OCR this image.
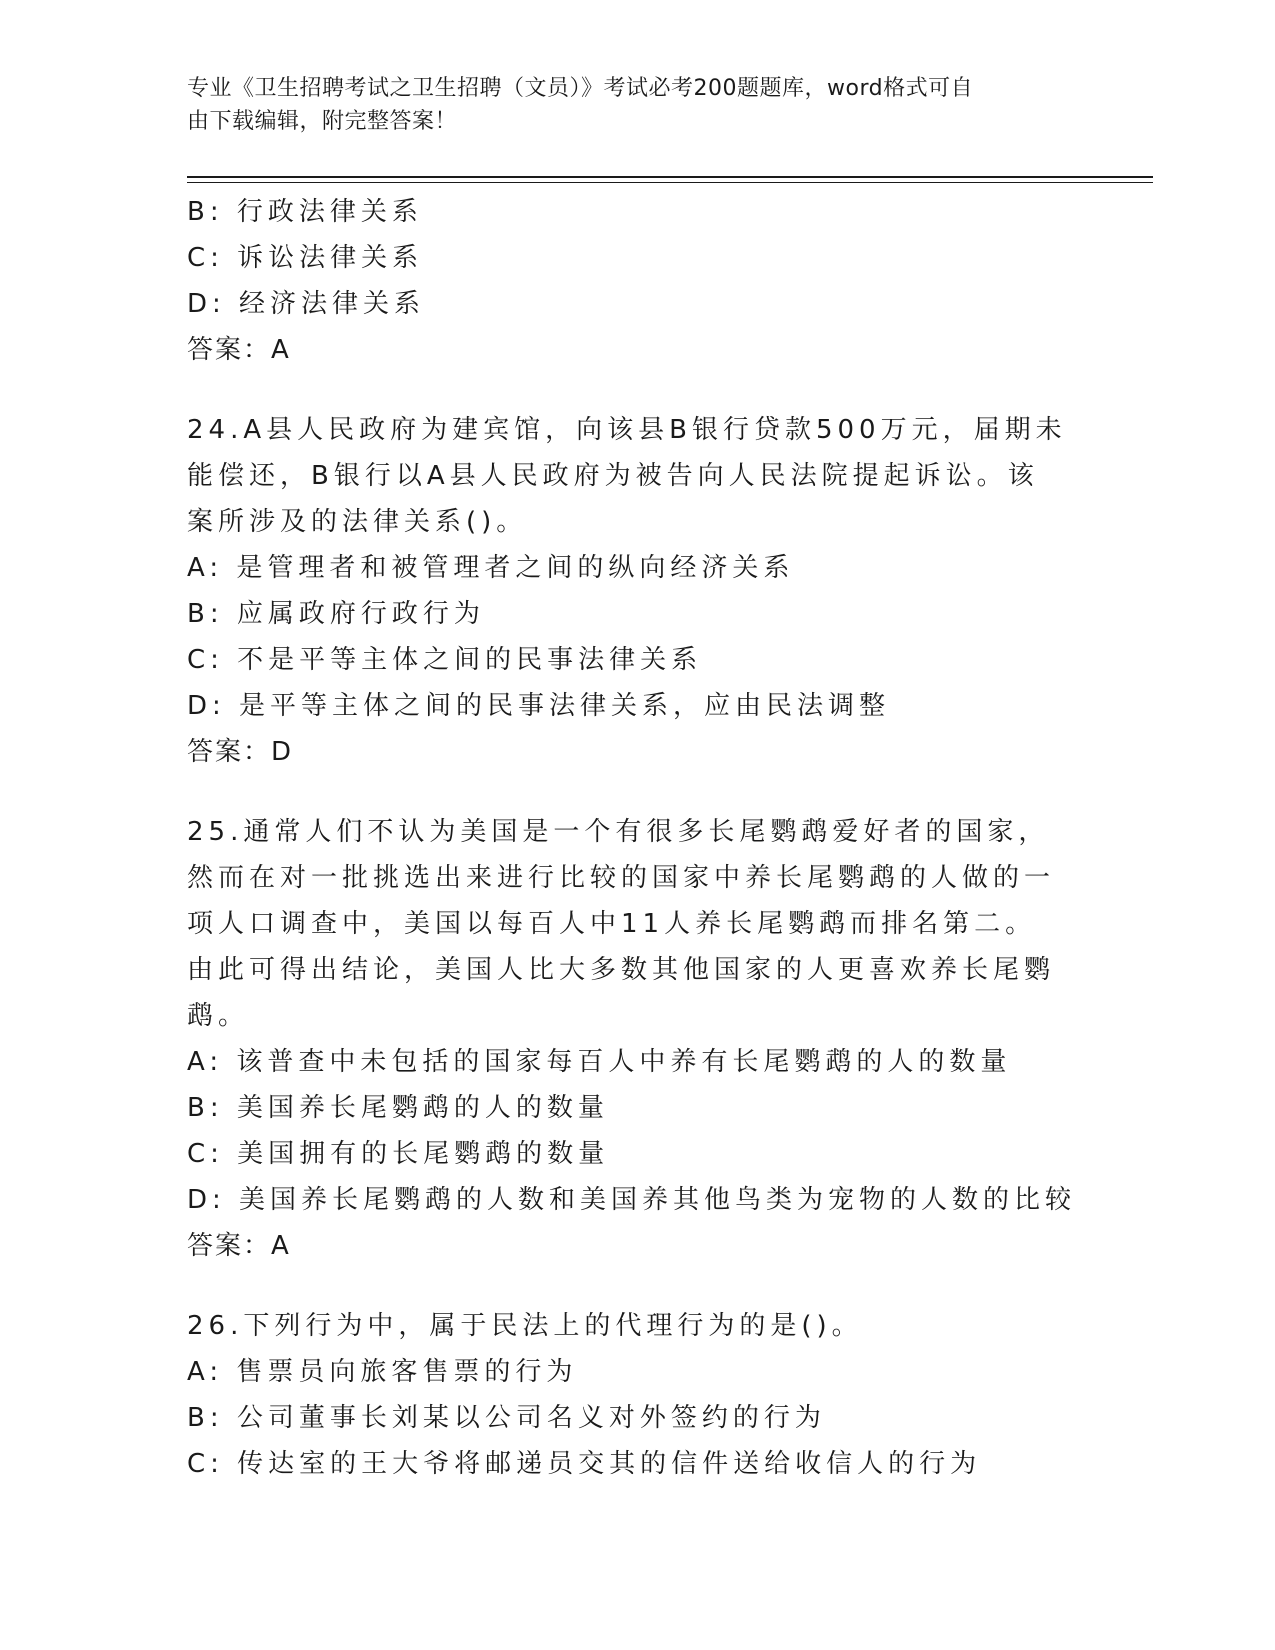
专业《卫生招聘考试之卫生招聘（文员）》考试必考200题题库，word格式可自
由下载编辑，附完整答案！
B: 行政法律关系
C: 诉讼法律关系
D: 经济法律关系
答案：A
24.A县人民政府为建宾馆，向该县B银行贷款500万元，届期未能偿还，B银行以A县人民政府为被告向人民法院提起诉讼。该案所涉及的法律关系()。
A: 是管理者和被管理者之间的纵向经济关系
B: 应属政府行政行为
C: 不是平等主体之间的民事法律关系
D: 是平等主体之间的民事法律关系，应由民法调整
答案：D
25.通常人们不认为美国是一个有很多长尾鹦鹉爱好者的国家，然而在对一批挑选出来进行比较的国家中养长尾鹦鹉的人做的一项人口调查中，美国以每百人中11人养长尾鹦鹉而排名第二。由此可得出结论，美国人比大多数其他国家的人更喜欢养长尾鹦鹉。
A: 该普查中未包括的国家每百人中养有长尾鹦鹉的人的数量
B: 美国养长尾鹦鹉的人的数量
C: 美国拥有的长尾鹦鹉的数量
D: 美国养长尾鹦鹉的人数和美国养其他鸟类为宠物的人数的比较
答案：A
26.下列行为中，属于民法上的代理行为的是()。
A: 售票员向旅客售票的行为
B: 公司董事长刘某以公司名义对外签约的行为
C: 传达室的王大爷将邮递员交其的信件送给收信人的行为
